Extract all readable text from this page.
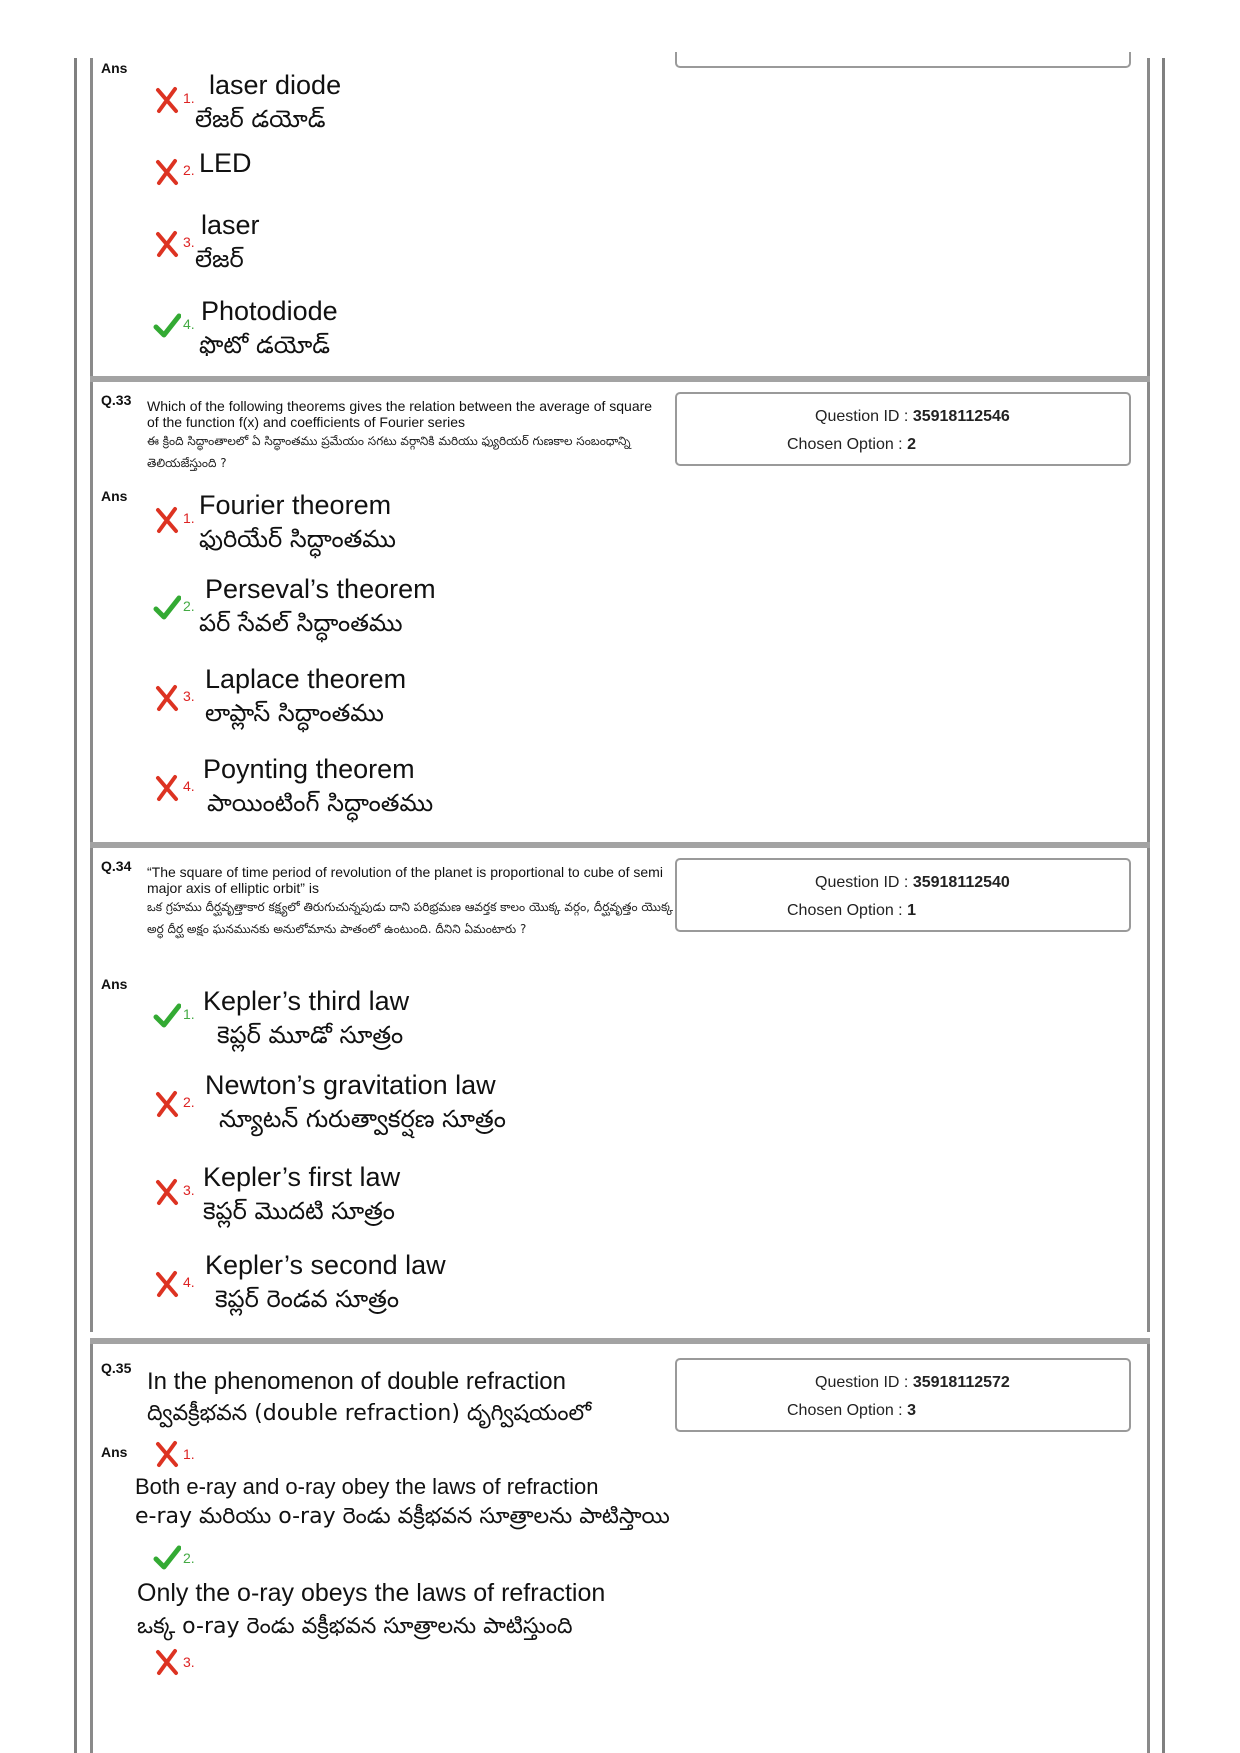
Ans
1. laser diode
లేజర్ డయోడ్
2. LED
3.
laser
లేజర్
4. Photodiode
ఫొటో డయోడ్
Q.33 Which of the following theorems gives the relation between the average of square of the function f(x) and coefficients of Fourier series
ఈ క్రింది సిద్ధాంతాలలో ఏ సిద్ధాంతము ప్రమేయం సగటు వర్గానికి మరియు ఫ్యురియర్ గుణకాల సంబంధాన్ని తెలియజేస్తుంది ?
Question ID : 35918112546
Chosen Option : 2
Ans
1. Fourier theorem
ఫురియేర్ సిద్ధాంతము
2.
Perseval’s theorem
పర్ సేవల్ సిద్ధాంతము
3.
Laplace theorem
లాప్లాస్ సిద్ధాంతము
4.
Poynting theorem
పాయింటింగ్ సిద్ధాంతము
Q.34 “The square of time period of revolution of the planet is proportional to cube of semi major axis of elliptic orbit” is
ఒక గ్రహము దీర్ఘవృత్తాకార కక్ష్యలో తిరుగుచున్నపుడు దాని పరిభ్రమణ ఆవర్తక కాలం యొక్క వర్గం, దీర్ఘవృత్తం యొక్క అర్ధ దీర్ఘ అక్షం ఘనమునకు అనులోమాను పాతంలో ఉంటుంది. దీనిని ఏమంటారు ?
Question ID : 35918112540
Chosen Option : 1
Ans
1. Kepler’s third law
కెప్లర్ మూడో సూత్రం
2.
Newton’s gravitation law
న్యూటన్ గురుత్వాకర్షణ సూత్రం
3. Kepler’s first law
కెప్లర్ మొదటి సూత్రం
4.
Kepler’s second law
కెప్లర్ రెండవ సూత్రం
Q.35 In the phenomenon of double refraction
ద్వివక్రీభవన (double refraction) దృగ్విషయంలో
Question ID : 35918112572
Chosen Option : 3
Ans	1.
Both e-ray and o-ray obey the laws of refraction
e-ray మరియు o-ray రెండు వక్రీభవన సూత్రాలను పాటిస్తాయి
2.
Only the o-ray obeys the laws of refraction
ఒక్క o-ray రెండు వక్రీభవన సూత్రాలను పాటిస్తుంది
3.
